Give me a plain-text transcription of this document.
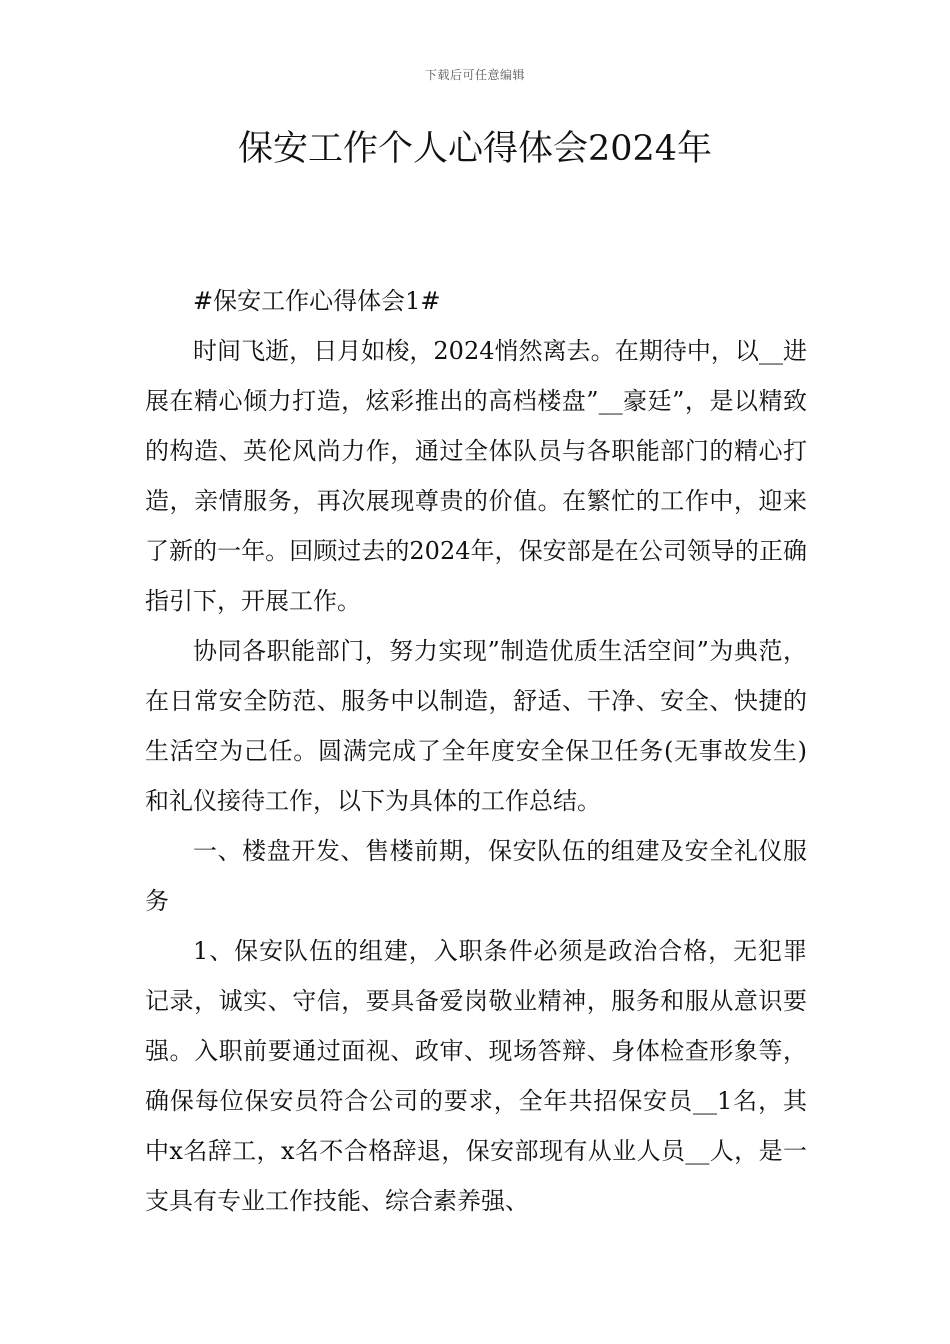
下载后可任意编辑
保安工作个人心得体会2024年

#保安工作心得体会1#

时间飞逝，日月如梭，2024悄然离去。在期待中，以__进展在精心倾力打造，炫彩推出的高档楼盘”__豪廷”，是以精致的构造、英伦风尚力作，通过全体队员与各职能部门的精心打造，亲情服务，再次展现尊贵的价值。在繁忙的工作中，迎来了新的一年。回顾过去的2024年，保安部是在公司领导的正确指引下，开展工作。

协同各职能部门，努力实现”制造优质生活空间”为典范，在日常安全防范、服务中以制造，舒适、干净、安全、快捷的生活空为己任。圆满完成了全年度安全保卫任务(无事故发生)和礼仪接待工作，以下为具体的工作总结。

一、楼盘开发、售楼前期，保安队伍的组建及安全礼仪服务

1、保安队伍的组建，入职条件必须是政治合格，无犯罪记录，诚实、守信，要具备爱岗敬业精神，服务和服从意识要强。入职前要通过面视、政审、现场答辩、身体检查形象等，确保每位保安员符合公司的要求，全年共招保安员__1名，其中x名辞工，x名不合格辞退，保安部现有从业人员__人，是一支具有专业工作技能、综合素养强、
